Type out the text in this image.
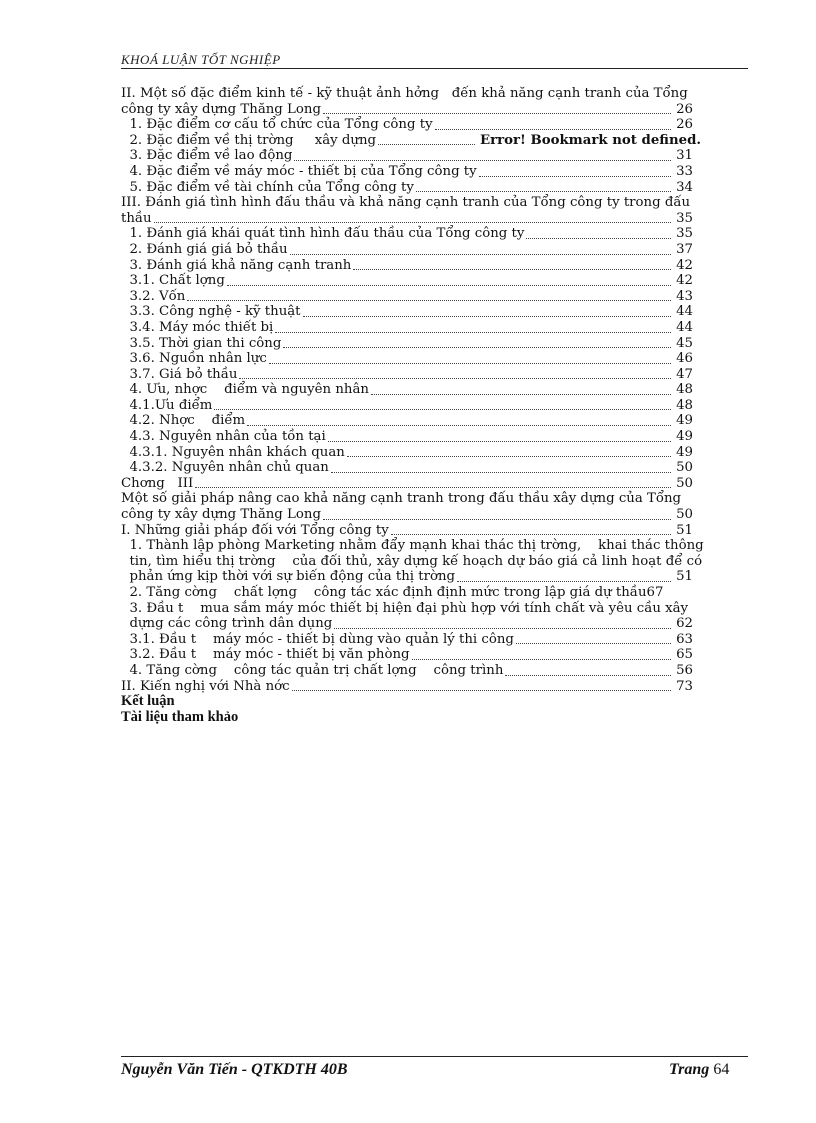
KHOÁ LUẬN TỐT NGHIỆP
II. Một số đặc điểm kinh tế - kỹ thuật ảnh hởng   đến khả năng cạnh tranh của Tổng
công ty xây dựng Thăng Long	26
1. Đặc điểm cơ cấu tổ chức của Tổng công ty	26
2. Đặc điểm về thị trờng     xây dựng	Error! Bookmark not defined.
3. Đặc điểm về lao động	31
4. Đặc điểm về máy móc - thiết bị của Tổng công ty	33
5. Đặc điểm về tài chính của Tổng công ty	34
III. Đánh giá tình hình đấu thầu và khả năng cạnh tranh của Tổng công ty trong đấu
thầu	35
1. Đánh giá khái quát tình hình đấu thầu của Tổng công ty	35
2. Đánh giá giá bỏ thầu	37
3. Đánh giá khả năng cạnh tranh	42
3.1. Chất lợng	42
3.2. Vốn	43
3.3. Công nghệ - kỹ thuật	44
3.4. Máy móc thiết bị	44
3.5. Thời gian thi công	45
3.6. Nguồn nhân lực	46
3.7. Giá bỏ thầu	47
4. Ưu, nhợc    điểm và nguyên nhân	48
4.1.Ưu điểm	48
4.2. Nhợc    điểm	49
4.3. Nguyên nhân của tồn tại	49
4.3.1. Nguyên nhân khách quan	49
4.3.2. Nguyên nhân chủ quan	50
Chơng   III	50
Một số giải pháp nâng cao khả năng cạnh tranh trong đấu thầu xây dựng của Tổng
công ty xây dựng Thăng Long	50
I. Những giải pháp đối với Tổng công ty	51
1. Thành lập phòng Marketing nhằm đẩy mạnh khai thác thị trờng,    khai thác thông
tin, tìm hiểu thị trờng    của đối thủ, xây dựng kế hoạch dự báo giá cả linh hoạt để có
phản ứng kịp thời với sự biến động của thị trờng	51
2. Tăng cờng    chất lợng    công tác xác định định mức trong lập giá dự thầu67
3. Đầu t    mua sắm máy móc thiết bị hiện đại phù hợp với tính chất và yêu cầu xây
dựng các công trình dân dụng	62
3.1. Đầu t    máy móc - thiết bị dùng vào quản lý thi công	63
3.2. Đầu t    máy móc - thiết bị văn phòng	65
4. Tăng cờng    công tác quản trị chất lợng    công trình	56
II. Kiến nghị với Nhà nớc	73
Kết luận
Tài liệu tham khảo
Nguyễn Văn Tiến - QTKDTH 40B	Trang 64
